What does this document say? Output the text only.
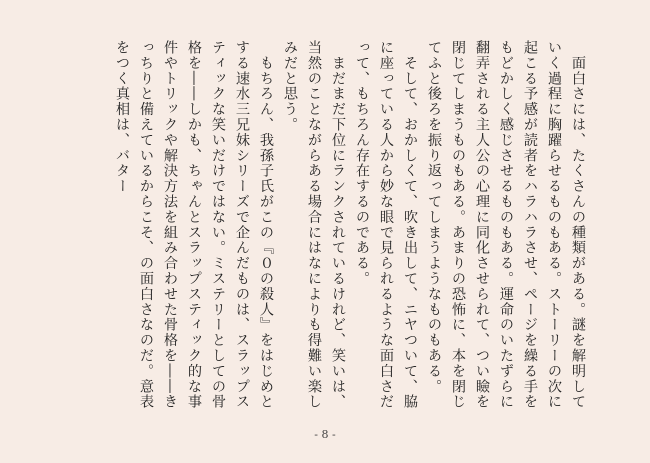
　面白さには、たくさんの種類がある。謎を解明していく過程に胸躍らせるものもある。ストーリーの次に起こる予感が読者をハラハラさせ、ページを繰る手をもどかしく感じさせるものもある。運命のいたずらに翻弄される主人公の心理に同化させられて、つい瞼を閉じてしまうものもある。あまりの恐怖に、本を閉じてふと後ろを振り返ってしまうようなものもある。

　そして、おかしくて、吹き出して、ニヤついて、脇に座っている人から妙な眼で見られるような面白さだって、もちろん存在するのである。

　まだまだ下位にランクされているけれど、笑いは、当然のことながらある場合にはなによりも得難い楽しみだと思う。

　もちろん、我孫子氏がこの『０の殺人』をはじめとする速水三兄妹シリーズで企んだものは、スラップスティックな笑いだけではない。ミステリーとしての骨格を――しかも、ちゃんとスラップスティック的な事件やトリックや解決方法を組み合わせた骨格を――きっちりと備えているからこそ、の面白さなのだ。意表をつく真相は、バター

- 8 -
